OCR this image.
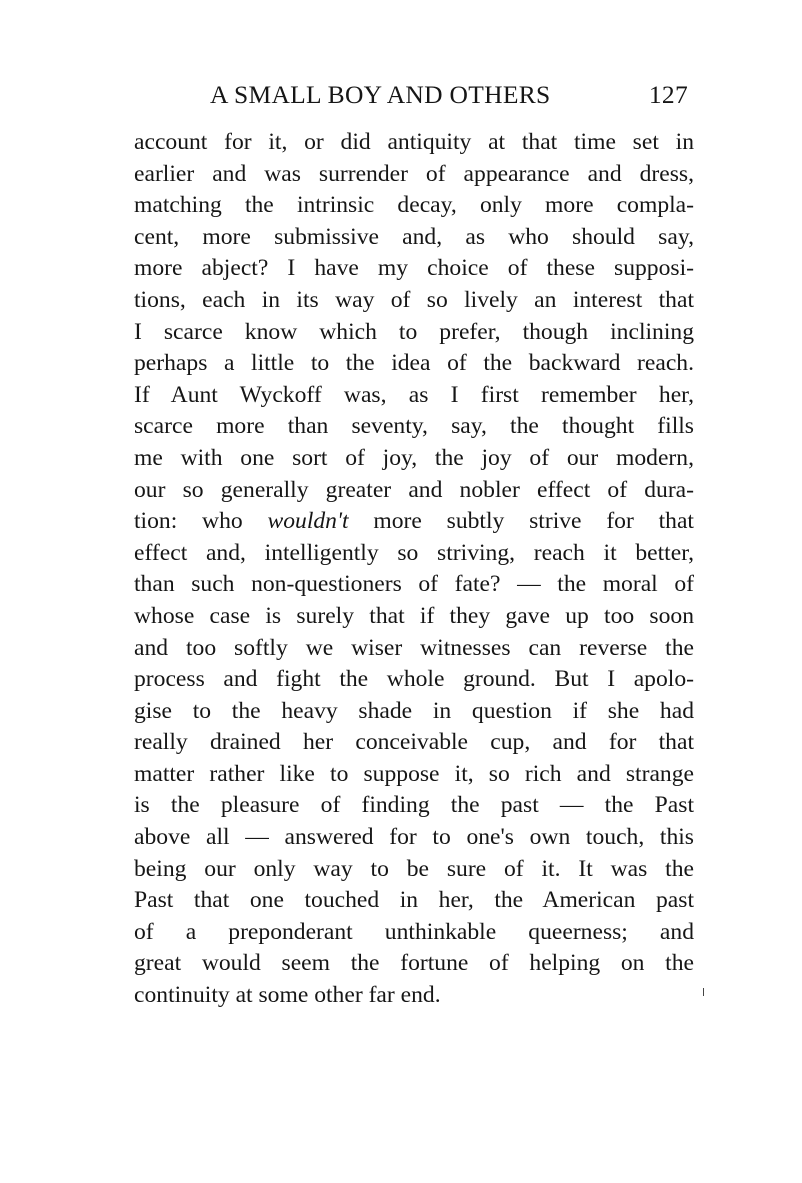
A SMALL BOY AND OTHERS	127
account for it, or did antiquity at that time set in
earlier and was surrender of appearance and dress,
matching the intrinsic decay, only more compla-
cent, more submissive and, as who should say,
more abject? I have my choice of these supposi-
tions, each in its way of so lively an interest that
I scarce know which to prefer, though inclining
perhaps a little to the idea of the backward reach.
If Aunt Wyckoff was, as I first remember her,
scarce more than seventy, say, the thought fills
me with one sort of joy, the joy of our modern,
our so generally greater and nobler effect of dura-
tion: who wouldn't more subtly strive for that
effect and, intelligently so striving, reach it better,
than such non-questioners of fate? — the moral of
whose case is surely that if they gave up too soon
and too softly we wiser witnesses can reverse the
process and fight the whole ground. But I apolo-
gise to the heavy shade in question if she had
really drained her conceivable cup, and for that
matter rather like to suppose it, so rich and strange
is the pleasure of finding the past — the Past
above all — answered for to one's own touch, this
being our only way to be sure of it. It was the
Past that one touched in her, the American past
of a preponderant unthinkable queerness; and
great would seem the fortune of helping on the
continuity at some other far end.
